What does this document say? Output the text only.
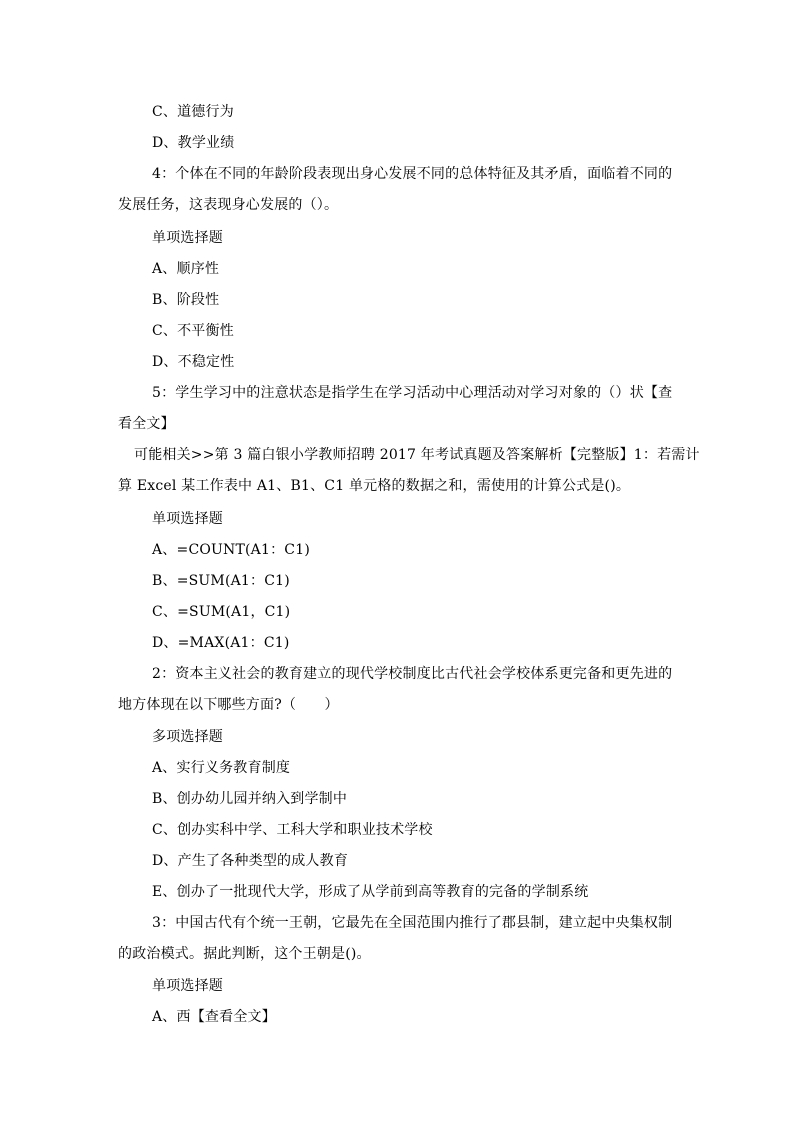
C、道德行为
D、教学业绩
4：个体在不同的年龄阶段表现出身心发展不同的总体特征及其矛盾，面临着不同的
发展任务，这表现身心发展的（）。
单项选择题
A、顺序性
B、阶段性
C、不平衡性
D、不稳定性
5：学生学习中的注意状态是指学生在学习活动中心理活动对学习对象的（）状【查
看全文】
可能相关>>第 3 篇白银小学教师招聘 2017 年考试真题及答案解析【完整版】1：若需计
算 Excel 某工作表中 A1、B1、C1 单元格的数据之和，需使用的计算公式是()。
单项选择题
A、=COUNT(A1：C1)
B、=SUM(A1：C1)
C、=SUM(A1，C1)
D、=MAX(A1：C1)
2：资本主义社会的教育建立的现代学校制度比古代社会学校体系更完备和更先进的
地方体现在以下哪些方面?（　　）
多项选择题
A、实行义务教育制度
B、创办幼儿园并纳入到学制中
C、创办实科中学、工科大学和职业技术学校
D、产生了各种类型的成人教育
E、创办了一批现代大学，形成了从学前到高等教育的完备的学制系统
3：中国古代有个统一王朝，它最先在全国范围内推行了郡县制，建立起中央集权制
的政治模式。据此判断，这个王朝是()。
单项选择题
A、西【查看全文】
